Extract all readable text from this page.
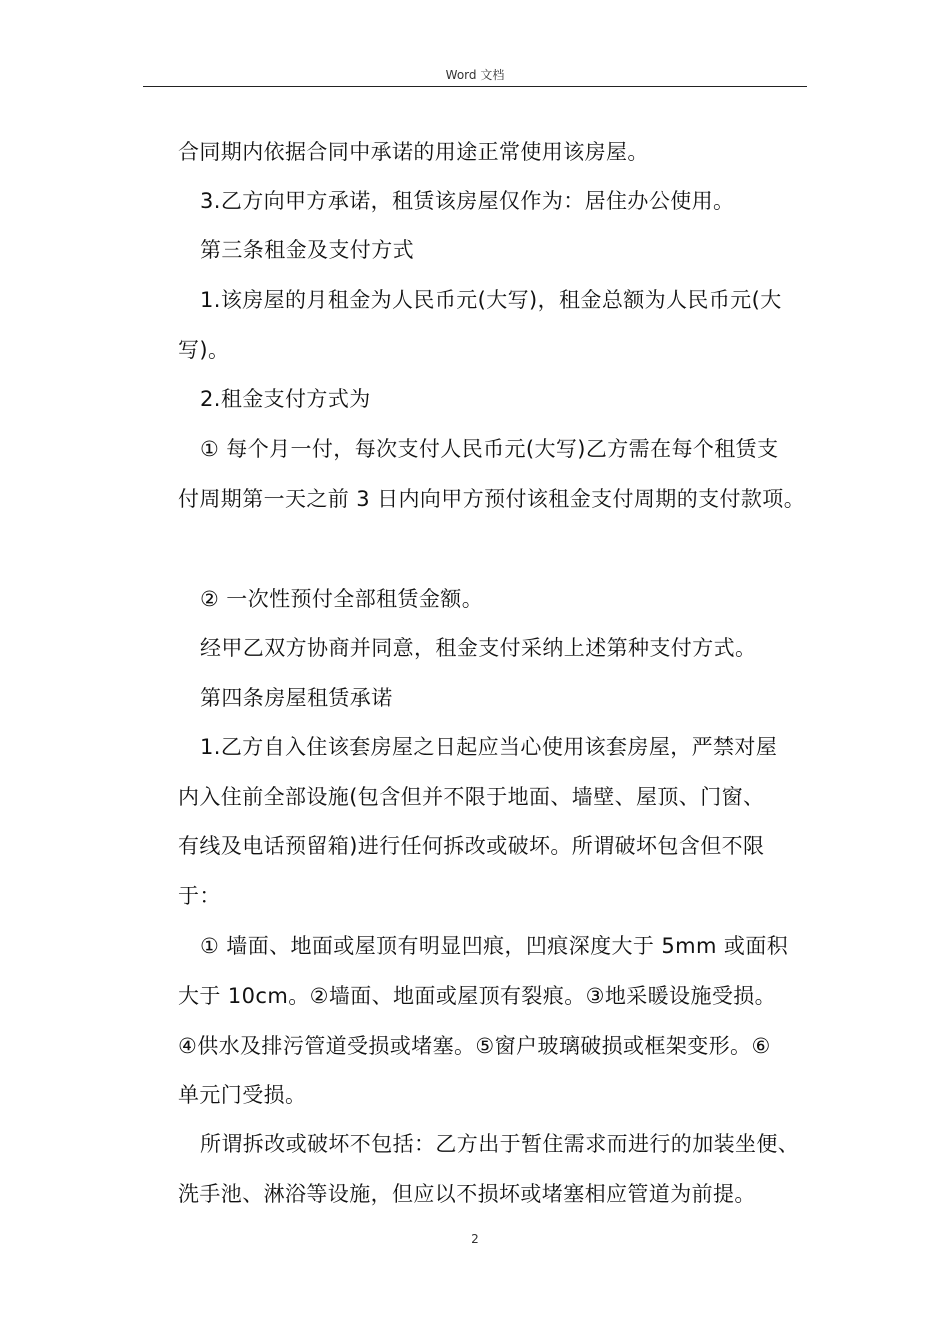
Word 文档
合同期内依据合同中承诺的用途正常使用该房屋。
3.乙方向甲方承诺，租赁该房屋仅作为：居住办公使用。
第三条租金及支付方式
1.该房屋的月租金为人民币元(大写)，租金总额为人民币元(大
写)。
2.租金支付方式为
① 每个月一付，每次支付人民币元(大写)乙方需在每个租赁支
付周期第一天之前 3 日内向甲方预付该租金支付周期的支付款项。
② 一次性预付全部租赁金额。
经甲乙双方协商并同意，租金支付采纳上述第种支付方式。
第四条房屋租赁承诺
1.乙方自入住该套房屋之日起应当心使用该套房屋，严禁对屋
内入住前全部设施(包含但并不限于地面、墙壁、屋顶、门窗、
有线及电话预留箱)进行任何拆改或破坏。所谓破坏包含但不限
于：
① 墙面、地面或屋顶有明显凹痕，凹痕深度大于 5mm 或面积
大于 10cm。②墙面、地面或屋顶有裂痕。③地采暖设施受损。
④供水及排污管道受损或堵塞。⑤窗户玻璃破损或框架变形。⑥
单元门受损。
所谓拆改或破坏不包括：乙方出于暂住需求而进行的加装坐便、
洗手池、淋浴等设施，但应以不损坏或堵塞相应管道为前提。
2
